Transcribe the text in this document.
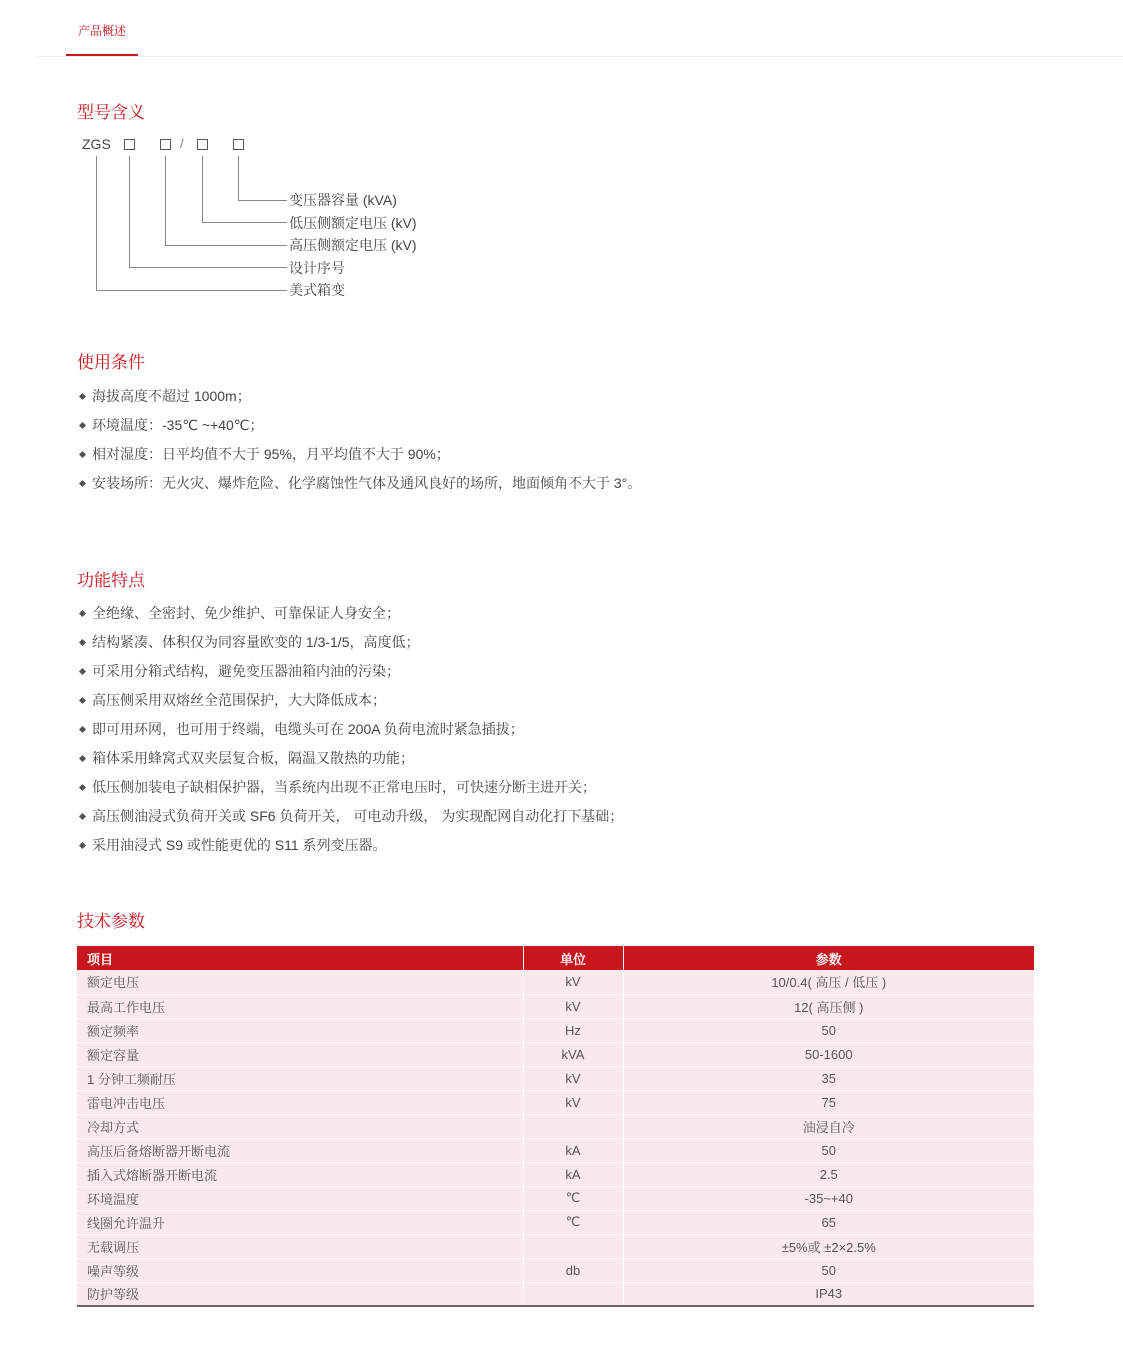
产品概述
型号含义
ZGS	/
变压器容量 (kVA)
低压侧额定电压 (kV)
高压侧额定电压 (kV)
设计序号
美式箱变
使用条件
海拔高度不超过 1000m；
环境温度：-35℃ ~+40℃；
相对湿度：日平均值不大于 95%，月平均值不大于 90%；
安装场所：无火灾、爆炸危险、化学腐蚀性气体及通风良好的场所，地面倾角不大于 3°。
功能特点
全绝缘、全密封、免少维护、可靠保证人身安全；
结构紧凑、体积仅为同容量欧变的 1/3-1/5，高度低；
可采用分箱式结构，避免变压器油箱内油的污染；
高压侧采用双熔丝全范围保护，大大降低成本；
即可用环网，也可用于终端，电缆头可在 200A 负荷电流时紧急插拔；
箱体采用蜂窝式双夹层复合板，隔温又散热的功能；
低压侧加装电子缺相保护器，当系统内出现不正常电压时，可快速分断主进开关；
高压侧油浸式负荷开关或 SF6 负荷开关， 可电动升级， 为实现配网自动化打下基础；
采用油浸式 S9 或性能更优的 S11 系列变压器。
技术参数
项目	单位	参数
额定电压	kV	10/0.4( 高压 / 低压 )
最高工作电压	kV	12( 高压侧 )
额定频率	Hz	50
额定容量	kVA	50-1600
1 分钟工频耐压	kV	35
雷电冲击电压	kV	75
冷却方式		油浸自冷
高压后备熔断器开断电流	kA	50
插入式熔断器开断电流	kA	2.5
环境温度	℃	-35~+40
线圈允许温升	℃	65
无载调压		±5%或 ±2×2.5%
噪声等级	db	50
防护等级		IP43
